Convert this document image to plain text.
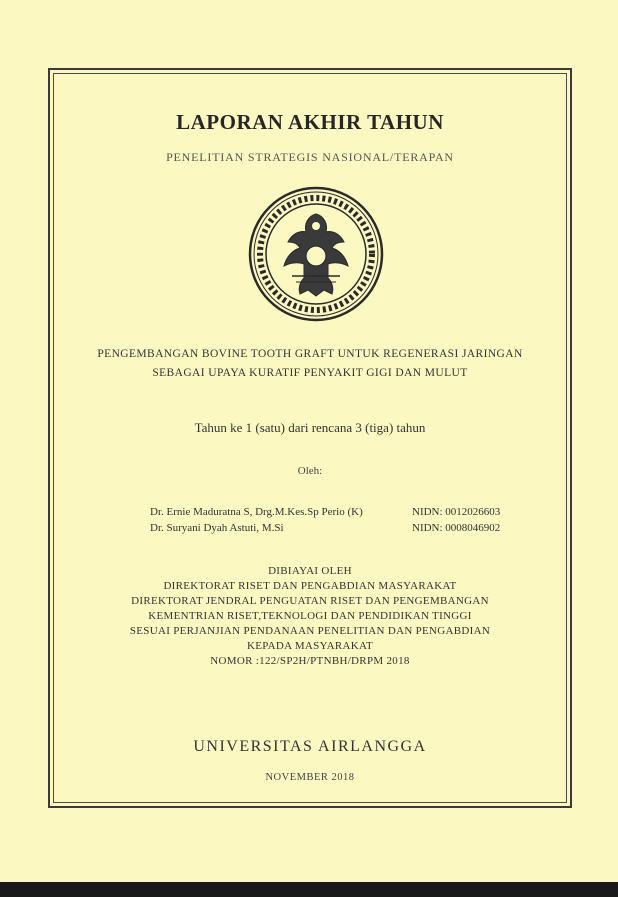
LAPORAN AKHIR TAHUN
PENELITIAN STRATEGIS NASIONAL/TERAPAN
PENGEMBANGAN BOVINE TOOTH GRAFT UNTUK REGENERASI JARINGAN
SEBAGAI UPAYA KURATIF PENYAKIT GIGI DAN MULUT
Tahun ke 1 (satu) dari rencana 3 (tiga) tahun
Oleh:
Dr. Ernie Maduratna S, Drg.M.Kes.Sp Perio (K)	NIDN: 0012026603
Dr. Suryani Dyah Astuti, M.Si	NIDN: 0008046902
DIBIAYAI OLEH
DIREKTORAT RISET DAN PENGABDIAN MASYARAKAT
DIREKTORAT JENDRAL PENGUATAN RISET DAN PENGEMBANGAN
KEMENTRIAN RISET,TEKNOLOGI DAN PENDIDIKAN TINGGI
SESUAI PERJANJIAN PENDANAAN PENELITIAN DAN PENGABDIAN
KEPADA MASYARAKAT
NOMOR :122/SP2H/PTNBH/DRPM 2018
UNIVERSITAS AIRLANGGA
NOVEMBER 2018
